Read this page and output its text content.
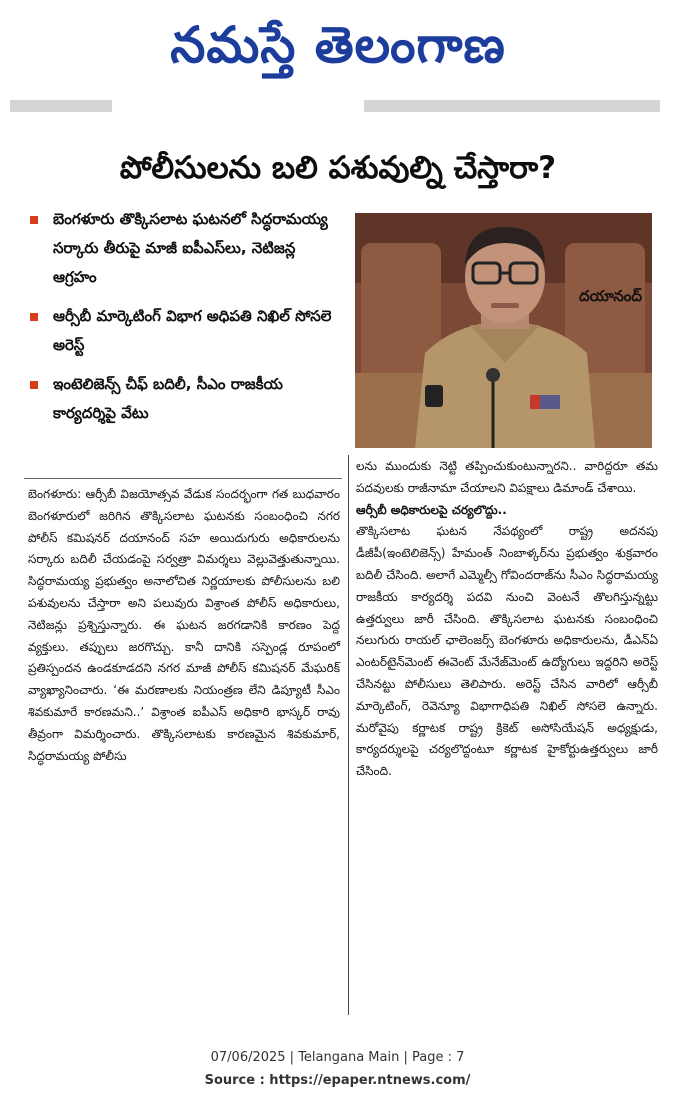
నమస్తే తెలంగాణ
పోలీసులను బలి పశువుల్ని చేస్తారా?
బెంగళూరు తొక్కిసలాట ఘటనలో సిద్ధరామయ్య సర్కారు తీరుపై మాజీ ఐపీఎస్‌లు, నెటిజన్ల ఆగ్రహం
ఆర్సీబీ మార్కెటింగ్ విభాగ అధిపతి నిఖిల్ సోసలె అరెస్ట్
ఇంటెలిజెన్స్ చీఫ్ బదిలీ, సీఎం రాజకీయ కార్యదర్శిపై వేటు
దయానంద్
బెంగళూరు: ఆర్సీబీ విజయోత్సవ వేడుక సందర్భంగా గత బుధవారం బెంగళూరులో జరిగిన తొక్కిసలాట ఘటనకు సంబంధించి నగర పోలీస్ కమిషనర్ దయానంద్ సహ అయిదుగురు అధికారులను సర్కారు బదిలీ చేయడంపై సర్వత్రా విమర్శలు వెల్లువెత్తుతున్నాయి. సిద్ధరామయ్య ప్రభుత్వం అనాలోచిత నిర్ణయాలకు పోలీసులను బలి పశువులను చేస్తారా అని పలువురు విశ్రాంత పోలీస్ అధికారులు, నెటిజన్లు ప్రశ్నిస్తున్నారు. ఈ ఘటన జరగడానికి కారణం పెద్ద వ్యక్తులు. తప్పులు జరగొచ్చు. కానీ దానికి సస్పెండ్ల రూపంలో ప్రతిస్పందన ఉండకూడదని నగర మాజీ పోలీస్ కమిషనర్ మేఘరిక్ వ్యాఖ్యానించారు. ‘ఈ మరణాలకు నియంత్రణ లేని డిప్యూటీ సీఎం శివకుమారే కారణమని..’ విశ్రాంత ఐపీఎస్ అధికారి భాస్కర్ రావు తీవ్రంగా విమర్శించారు. తొక్కిసలాటకు కారణమైన శివకుమార్, సిద్ధరామయ్య పోలీసు
లను ముందుకు నెట్టి తప్పించుకుంటున్నారని.. వారిద్దరూ తమ పదవులకు రాజీనామా చేయాలని విపక్షాలు డిమాండ్ చేశాయి.
ఆర్సీబీ అధికారులపై చర్యలొద్దు..
తొక్కిసలాట ఘటన నేపథ్యంలో రాష్ట్ర అదనపు డీజీపీ(ఇంటెలిజెన్స్) హేమంత్ నింబాళ్కర్‌ను ప్రభుత్వం శుక్రవారం బదిలీ చేసింది. అలాగే ఎమ్మెల్సీ గోవిందరాజ్‌ను సీఎం సిద్ధరామయ్య రాజకీయ కార్యదర్శి పదవి నుంచి వెంటనే తొలగిస్తున్నట్టు ఉత్తర్వులు జారీ చేసింది. తొక్కిసలాట ఘటనకు సంబంధించి నలుగురు రాయల్ ఛాలెంజర్స్ బెంగళూరు అధికారులను, డీఎన్ఏ ఎంటర్‌టైన్‌మెంట్ ఈవెంట్ మేనేజ్‌మెంట్ ఉద్యోగులు ఇద్దరిని అరెస్ట్ చేసినట్టు పోలీసులు తెలిపారు. అరెస్ట్ చేసిన వారిలో ఆర్సీబీ మార్కెటింగ్, రెవెన్యూ విభాగాధిపతి నిఖిల్ సోసలె ఉన్నారు. మరోవైపు కర్ణాటక రాష్ట్ర క్రికెట్ అసోసియేషన్ అధ్యక్షుడు, కార్యదర్శులపై చర్యలొద్దంటూ కర్ణాటక హైకోర్టుఉత్తర్వులు జారీ చేసింది.
07/06/2025 | Telangana Main | Page : 7
Source : https://epaper.ntnews.com/
